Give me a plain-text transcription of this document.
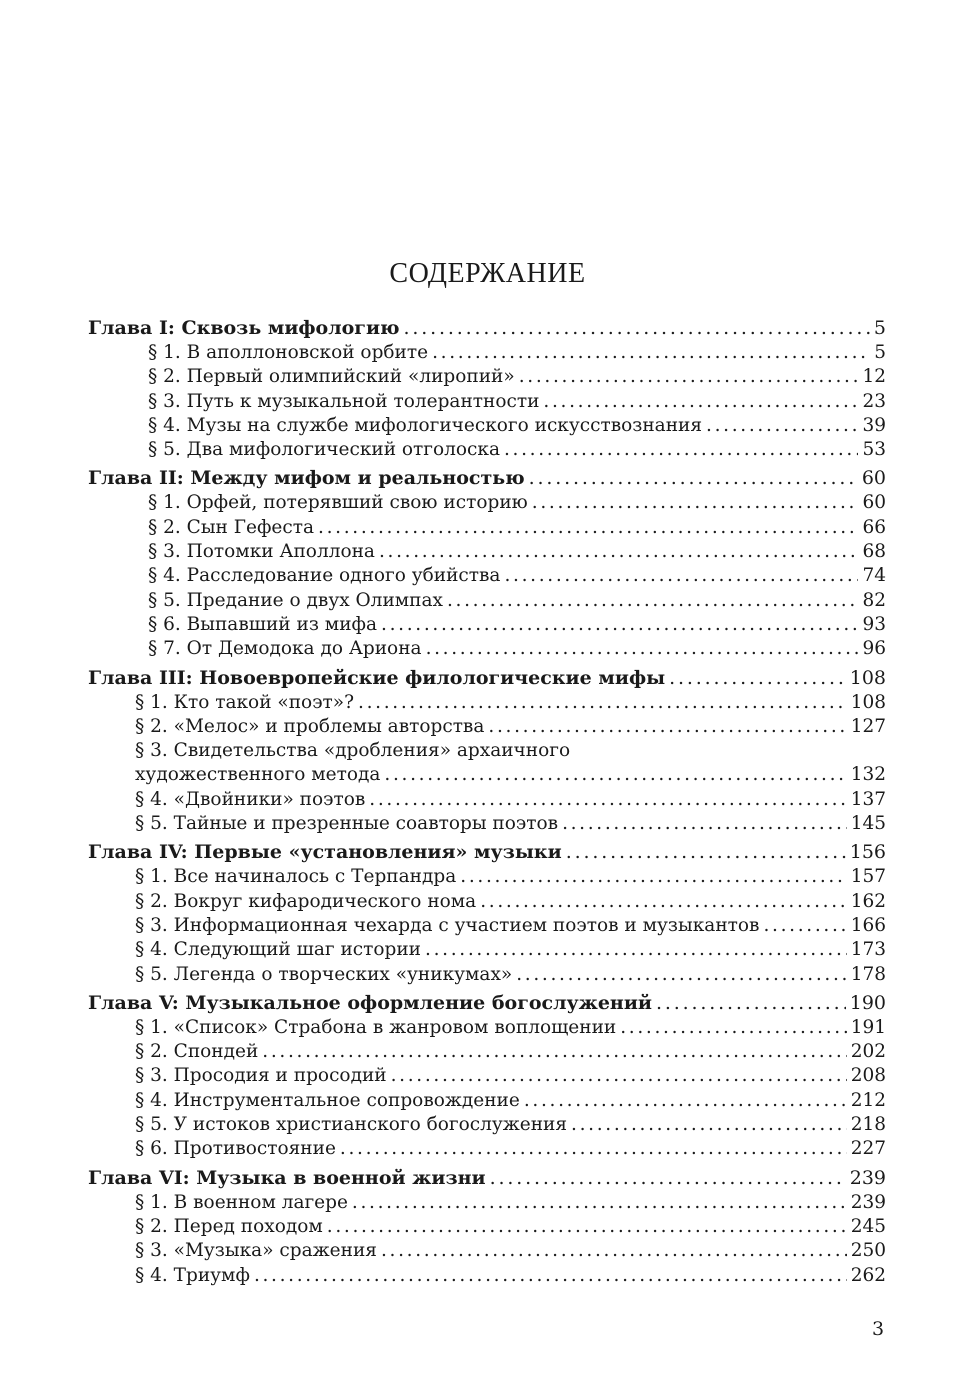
СОДЕРЖАНИЕ
Глава I: Сквозь мифологию . . .	5
§ 1. В аполлоновской орбите . . .	5
§ 2. Первый олимпийский «лиропий» . . .	12
§ 3. Путь к музыкальной толерантности . . .	23
§ 4. Музы на службе мифологического искусствознания . . .	39
§ 5. Два мифологический отголоска . . .	53
Глава II: Между мифом и реальностью . . .	60
§ 1. Орфей, потерявший свою историю . . .	60
§ 2. Сын Гефеста . . .	66
§ 3. Потомки Аполлона . . .	68
§ 4. Расследование одного убийства . . .	74
§ 5. Предание о двух Олимпах . . .	82
§ 6. Выпавший из мифа . . .	93
§ 7. От Демодока до Ариона . . .	96
Глава III: Новоевропейские филологические мифы . . .	108
§ 1. Кто такой «поэт»? . . .	108
§ 2. «Мелос» и проблемы авторства . . .	127
§ 3. Свидетельства «дробления» архаичного
художественного метода . . .	132
§ 4. «Двойники» поэтов . . .	137
§ 5. Тайные и презренные соавторы поэтов . . .	145
Глава IV: Первые «установления» музыки . . .	156
§ 1. Все начиналось с Терпандра . . .	157
§ 2. Вокруг кифародического нома . . .	162
§ 3. Информационная чехарда с участием поэтов и музыкантов . . .	166
§ 4. Следующий шаг истории . . .	173
§ 5. Легенда о творческих «уникумах» . . .	178
Глава V: Музыкальное оформление богослужений . . .	190
§ 1. «Список» Страбона в жанровом воплощении . . .	191
§ 2. Спондей . . .	202
§ 3. Просодия и просодий . . .	208
§ 4. Инструментальное сопровождение . . .	212
§ 5. У истоков христианского богослужения . . .	218
§ 6. Противостояние . . .	227
Глава VI: Музыка в военной жизни . . .	239
§ 1. В военном лагере . . .	239
§ 2. Перед походом . . .	245
§ 3. «Музыка» сражения . . .	250
§ 4. Триумф . . .	262
3
